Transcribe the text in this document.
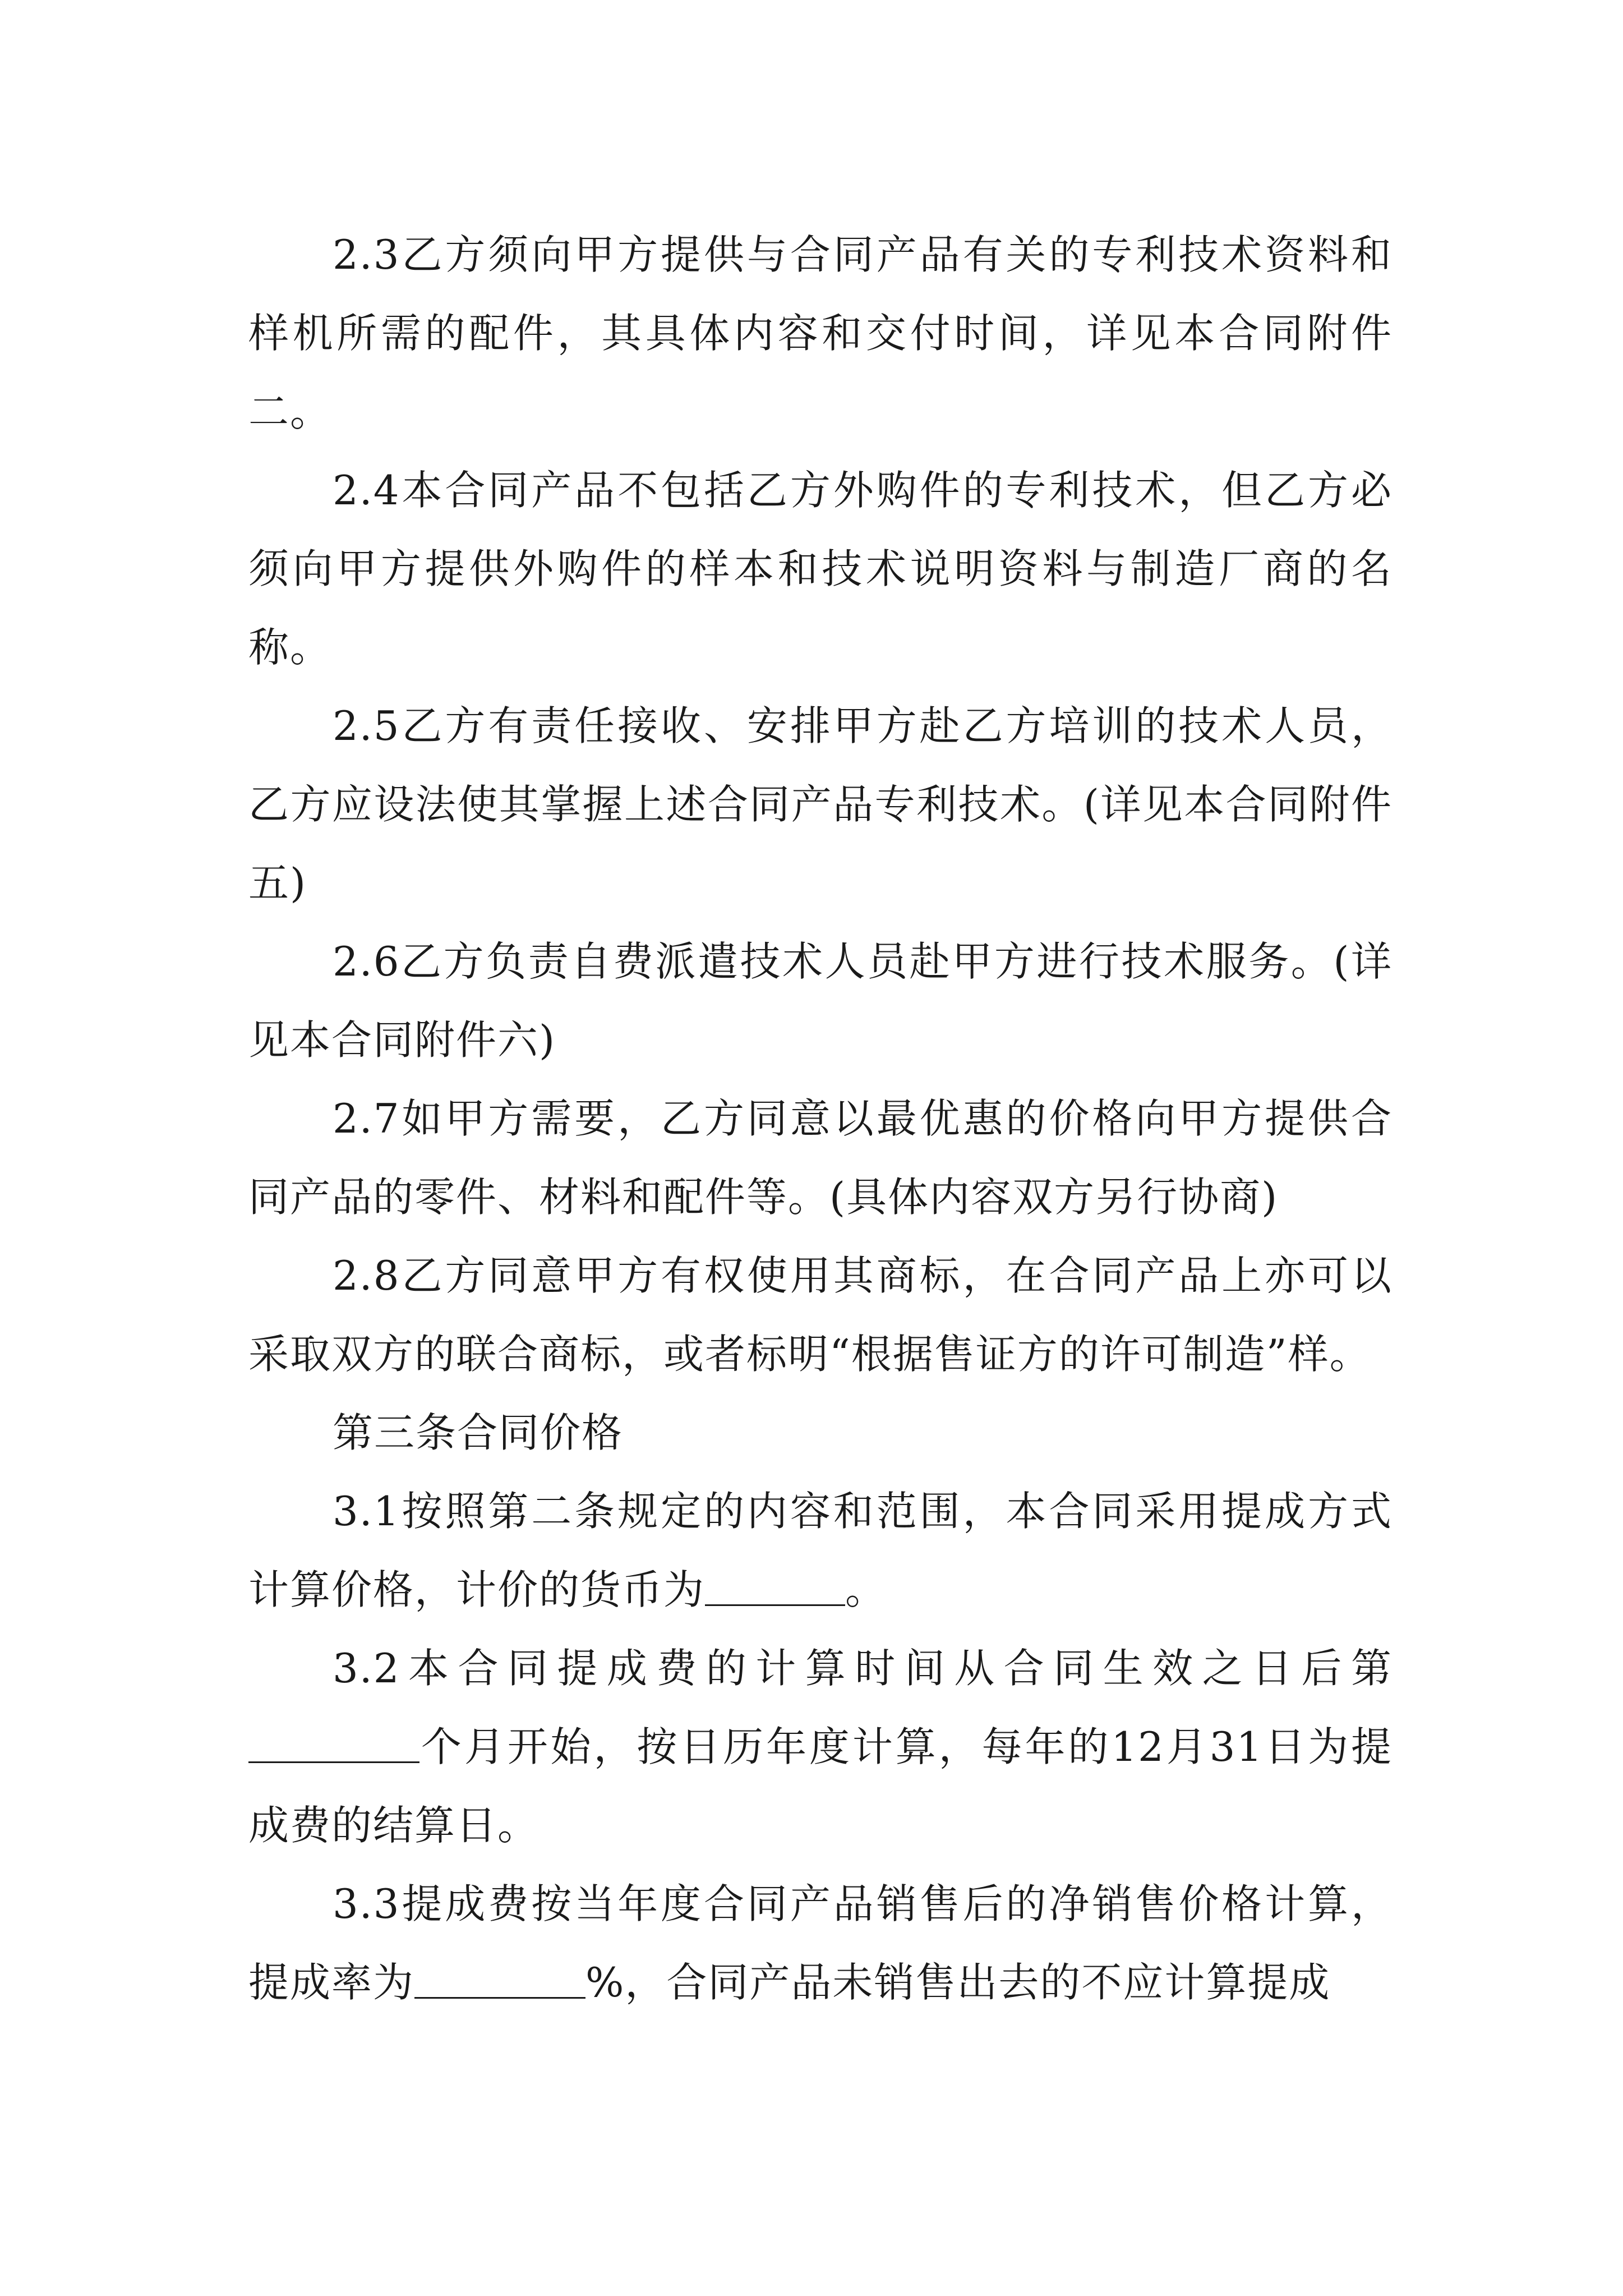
2.3乙方须向甲方提供与合同产品有关的专利技术资料和样机所需的配件，其具体内容和交付时间，详见本合同附件二。

2.4本合同产品不包括乙方外购件的专利技术，但乙方必须向甲方提供外购件的样本和技术说明资料与制造厂商的名称。

2.5乙方有责任接收、安排甲方赴乙方培训的技术人员，乙方应设法使其掌握上述合同产品专利技术。(详见本合同附件五)

2.6乙方负责自费派遣技术人员赴甲方进行技术服务。(详见本合同附件六)

2.7如甲方需要，乙方同意以最优惠的价格向甲方提供合同产品的零件、材料和配件等。(具体内容双方另行协商)

2.8乙方同意甲方有权使用其商标，在合同产品上亦可以采取双方的联合商标，或者标明“根据售证方的许可制造”样。

第三条合同价格

3.1按照第二条规定的内容和范围，本合同采用提成方式计算价格，计价的货币为	。

3.2本合同提成费的计算时间从合同生效之日后第个月开始，按日历年度计算，每年的12月31日为提成费的结算日。

3.3提成费按当年度合同产品销售后的净销售价格计算，提成率为	%，合同产品未销售出去的不应计算提成
